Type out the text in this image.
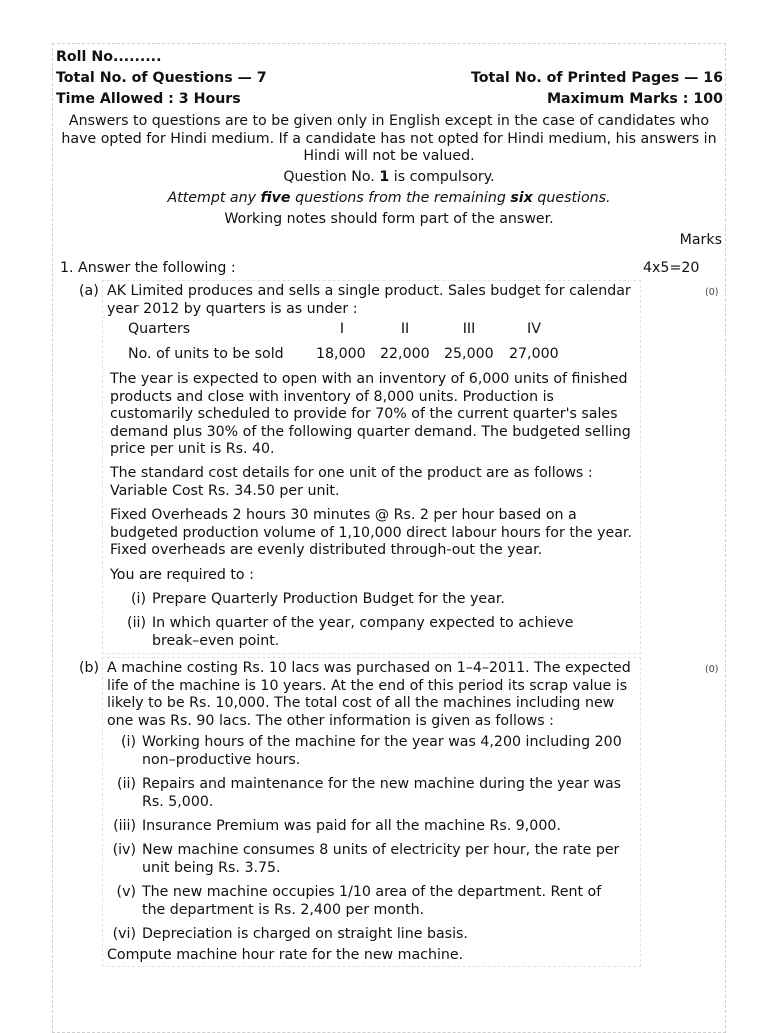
Roll No.........
Total No. of Questions — 7	Total No. of Printed Pages — 16
Time Allowed : 3 Hours	Maximum Marks : 100
Answers to questions are to be given only in English except in the case of candidates who have opted for Hindi medium. If a candidate has not opted for Hindi medium, his answers in Hindi will not be valued.
Question No. 1 is compulsory.
Attempt any five questions from the remaining six questions.
Working notes should form part of the answer.
Marks
1. Answer the following :	4x5=20
(a)	(0)
AK Limited produces and sells a single product. Sales budget for calendar year 2012 by quarters is as under :
Quarters	I	II	III	IV
No. of units to be sold 18,000 22,000 25,000 27,000
The year is expected to open with an inventory of 6,000 units of finished products and close with inventory of 8,000 units. Production is customarily scheduled to provide for 70% of the current quarter's sales demand plus 30% of the following quarter demand. The budgeted selling price per unit is Rs. 40.
The standard cost details for one unit of the product are as follows : Variable Cost Rs. 34.50 per unit.
Fixed Overheads 2 hours 30 minutes @ Rs. 2 per hour based on a budgeted production volume of 1,10,000 direct labour hours for the year. Fixed overheads are evenly distributed through-out the year.
You are required to :
(i) Prepare Quarterly Production Budget for the year.
(ii) In which quarter of the year, company expected to achieve break–even point.
(b)	(0)
A machine costing Rs. 10 lacs was purchased on 1–4–2011. The expected life of the machine is 10 years. At the end of this period its scrap value is likely to be Rs. 10,000. The total cost of all the machines including new one was Rs. 90 lacs. The other information is given as follows :
(i) Working hours of the machine for the year was 4,200 including 200 non–productive hours.
(ii) Repairs and maintenance for the new machine during the year was Rs. 5,000.
(iii) Insurance Premium was paid for all the machine Rs. 9,000.
(iv) New machine consumes 8 units of electricity per hour, the rate per unit being Rs. 3.75.
(v) The new machine occupies 1/10 area of the department. Rent of the department is Rs. 2,400 per month.
(vi) Depreciation is charged on straight line basis.
Compute machine hour rate for the new machine.
